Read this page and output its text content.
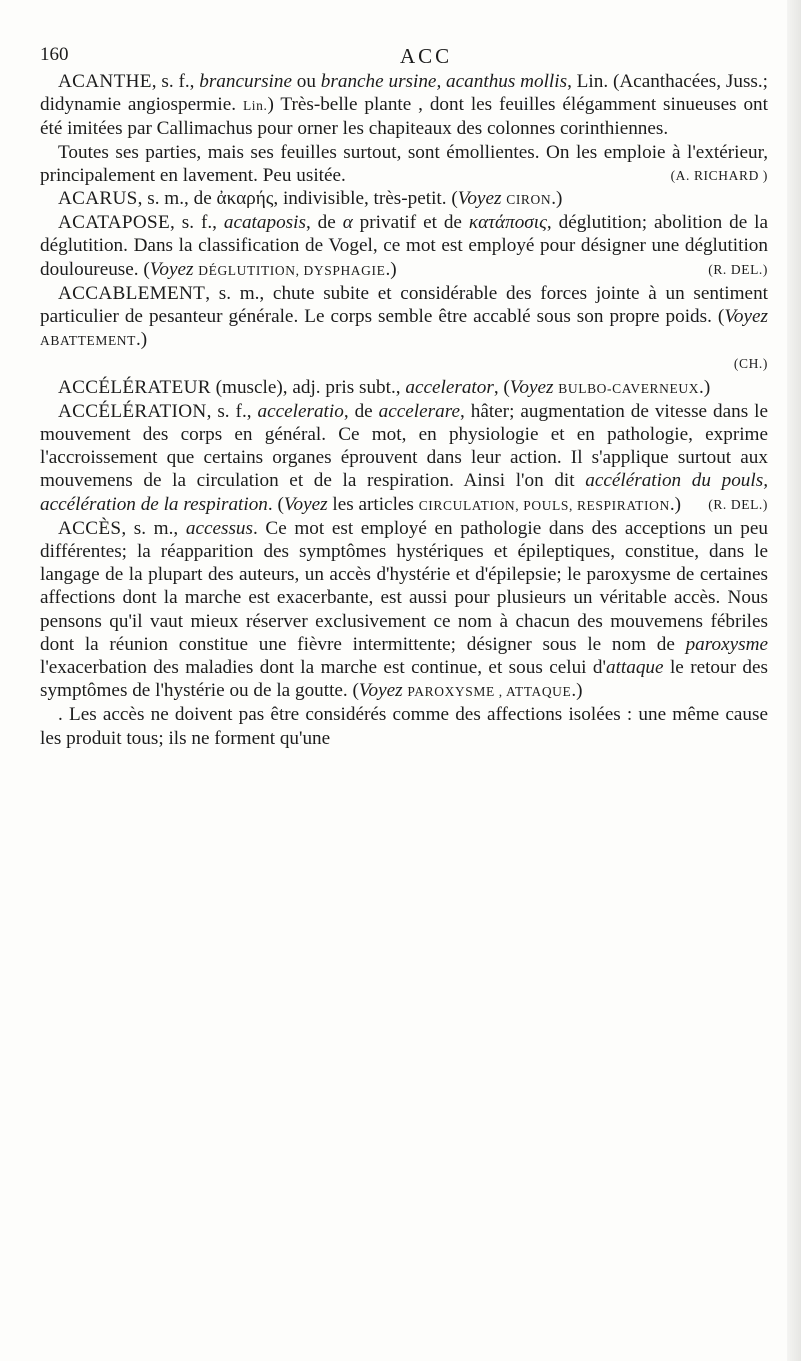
160	ACC

ACANTHE, s. f., brancursine ou branche ursine, acanthus mollis, Lin. (Acanthacées, Juss.; didynamie angiospermie. Lin.) Très-belle plante , dont les feuilles élégamment sinueuses ont été imitées par Callimachus pour orner les chapiteaux des colonnes corinthiennes.

Toutes ses parties, mais ses feuilles surtout, sont émollientes. On les emploie à l'extérieur, principalement en lavement. Peu usitée.	(A. RICHARD )

ACARUS, s. m., de ἀκαρής, indivisible, très-petit. (Voyez CIRON.)

ACATAPOSE, s. f., acataposis, de α privatif et de κατάποσις, déglutition; abolition de la déglutition. Dans la classification de Vogel, ce mot est employé pour désigner une déglutition douloureuse. (Voyez DÉGLUTITION, DYSPHAGIE.)	(R. DEL.)

ACCABLEMENT, s. m., chute subite et considérable des forces jointe à un sentiment particulier de pesanteur générale. Le corps semble être accablé sous son propre poids. (Voyez ABATTEMENT.)

(CH.)

ACCÉLÉRATEUR (muscle), adj. pris subt., accelerator, (Voyez BULBO-CAVERNEUX.)

ACCÉLÉRATION, s. f., acceleratio, de accelerare, hâter; augmentation de vitesse dans le mouvement des corps en général. Ce mot, en physiologie et en pathologie, exprime l'accroissement que certains organes éprouvent dans leur action. Il s'applique surtout aux mouvemens de la circulation et de la respiration. Ainsi l'on dit accélération du pouls, accélération de la respiration. (Voyez les articles CIRCULATION, POULS, RESPIRATION.)	(R. DEL.)

ACCÈS, s. m., accessus. Ce mot est employé en pathologie dans des acceptions un peu différentes; la réapparition des symptômes hystériques et épileptiques, constitue, dans le langage de la plupart des auteurs, un accès d'hystérie et d'épilepsie; le paroxysme de certaines affections dont la marche est exacerbante, est aussi pour plusieurs un véritable accès. Nous pensons qu'il vaut mieux réserver exclusivement ce nom à chacun des mouvemens fébriles dont la réunion constitue une fièvre intermittente; désigner sous le nom de paroxysme l'exacerbation des maladies dont la marche est continue, et sous celui d'attaque le retour des symptômes de l'hystérie ou de la goutte. (Voyez PAROXYSME , ATTAQUE.)

. Les accès ne doivent pas être considérés comme des affections isolées : une même cause les produit tous; ils ne forment qu'une
